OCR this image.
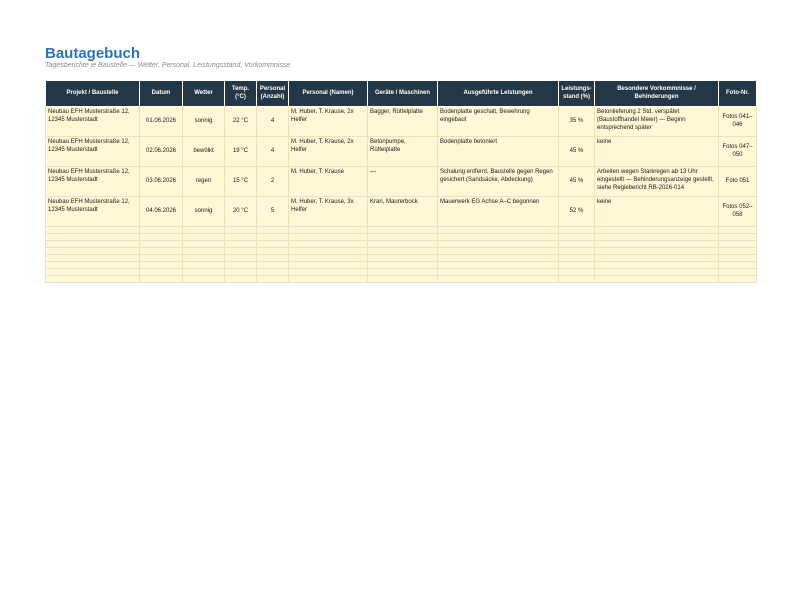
Bautagebuch
Tagesberichte je Baustelle — Wetter, Personal, Leistungsstand, Vorkommnisse
Projekt / Baustelle	Datum	Wetter	Temp. (°C)	Personal (Anzahl)	Personal (Namen)	Geräte / Maschinen	Ausgeführte Leistungen	Leistungs-stand (%)	Besondere Vorkommnisse / Behinderungen	Foto-Nr.
Neubau EFH Musterstraße 12, 12345 Musterstadt	01.06.2026	sonnig	22 °C	4	M. Huber, T. Krause, 2x Helfer	Bagger, Rüttelplatte	Bodenplatte geschalt, Bewehrung eingebaut	35 %	Betonlieferung 2 Std. verspätet (Baustoffhandel Meier) — Beginn entsprechend später	Fotos 041–046
Neubau EFH Musterstraße 12, 12345 Musterstadt	02.06.2026	bewölkt	19 °C	4	M. Huber, T. Krause, 2x Helfer	Betonpumpe, Rüttelplatte	Bodenplatte betoniert	45 %	keine	Fotos 047–050
Neubau EFH Musterstraße 12, 12345 Musterstadt	03.06.2026	regen	15 °C	2	M. Huber, T. Krause	—	Schalung entfernt, Baustelle gegen Regen gesichert (Sandsäcke, Abdeckung)	45 %	Arbeiten wegen Starkregen ab 13 Uhr eingestellt — Behinderungsanzeige gestellt, siehe Regiebericht RB-2026-014	Foto 051
Neubau EFH Musterstraße 12, 12345 Musterstadt	04.06.2026	sonnig	20 °C	5	M. Huber, T. Krause, 3x Helfer	Kran, Maurerbock	Mauerwerk EG Achse A–C begonnen	52 %	keine	Fotos 052–058
